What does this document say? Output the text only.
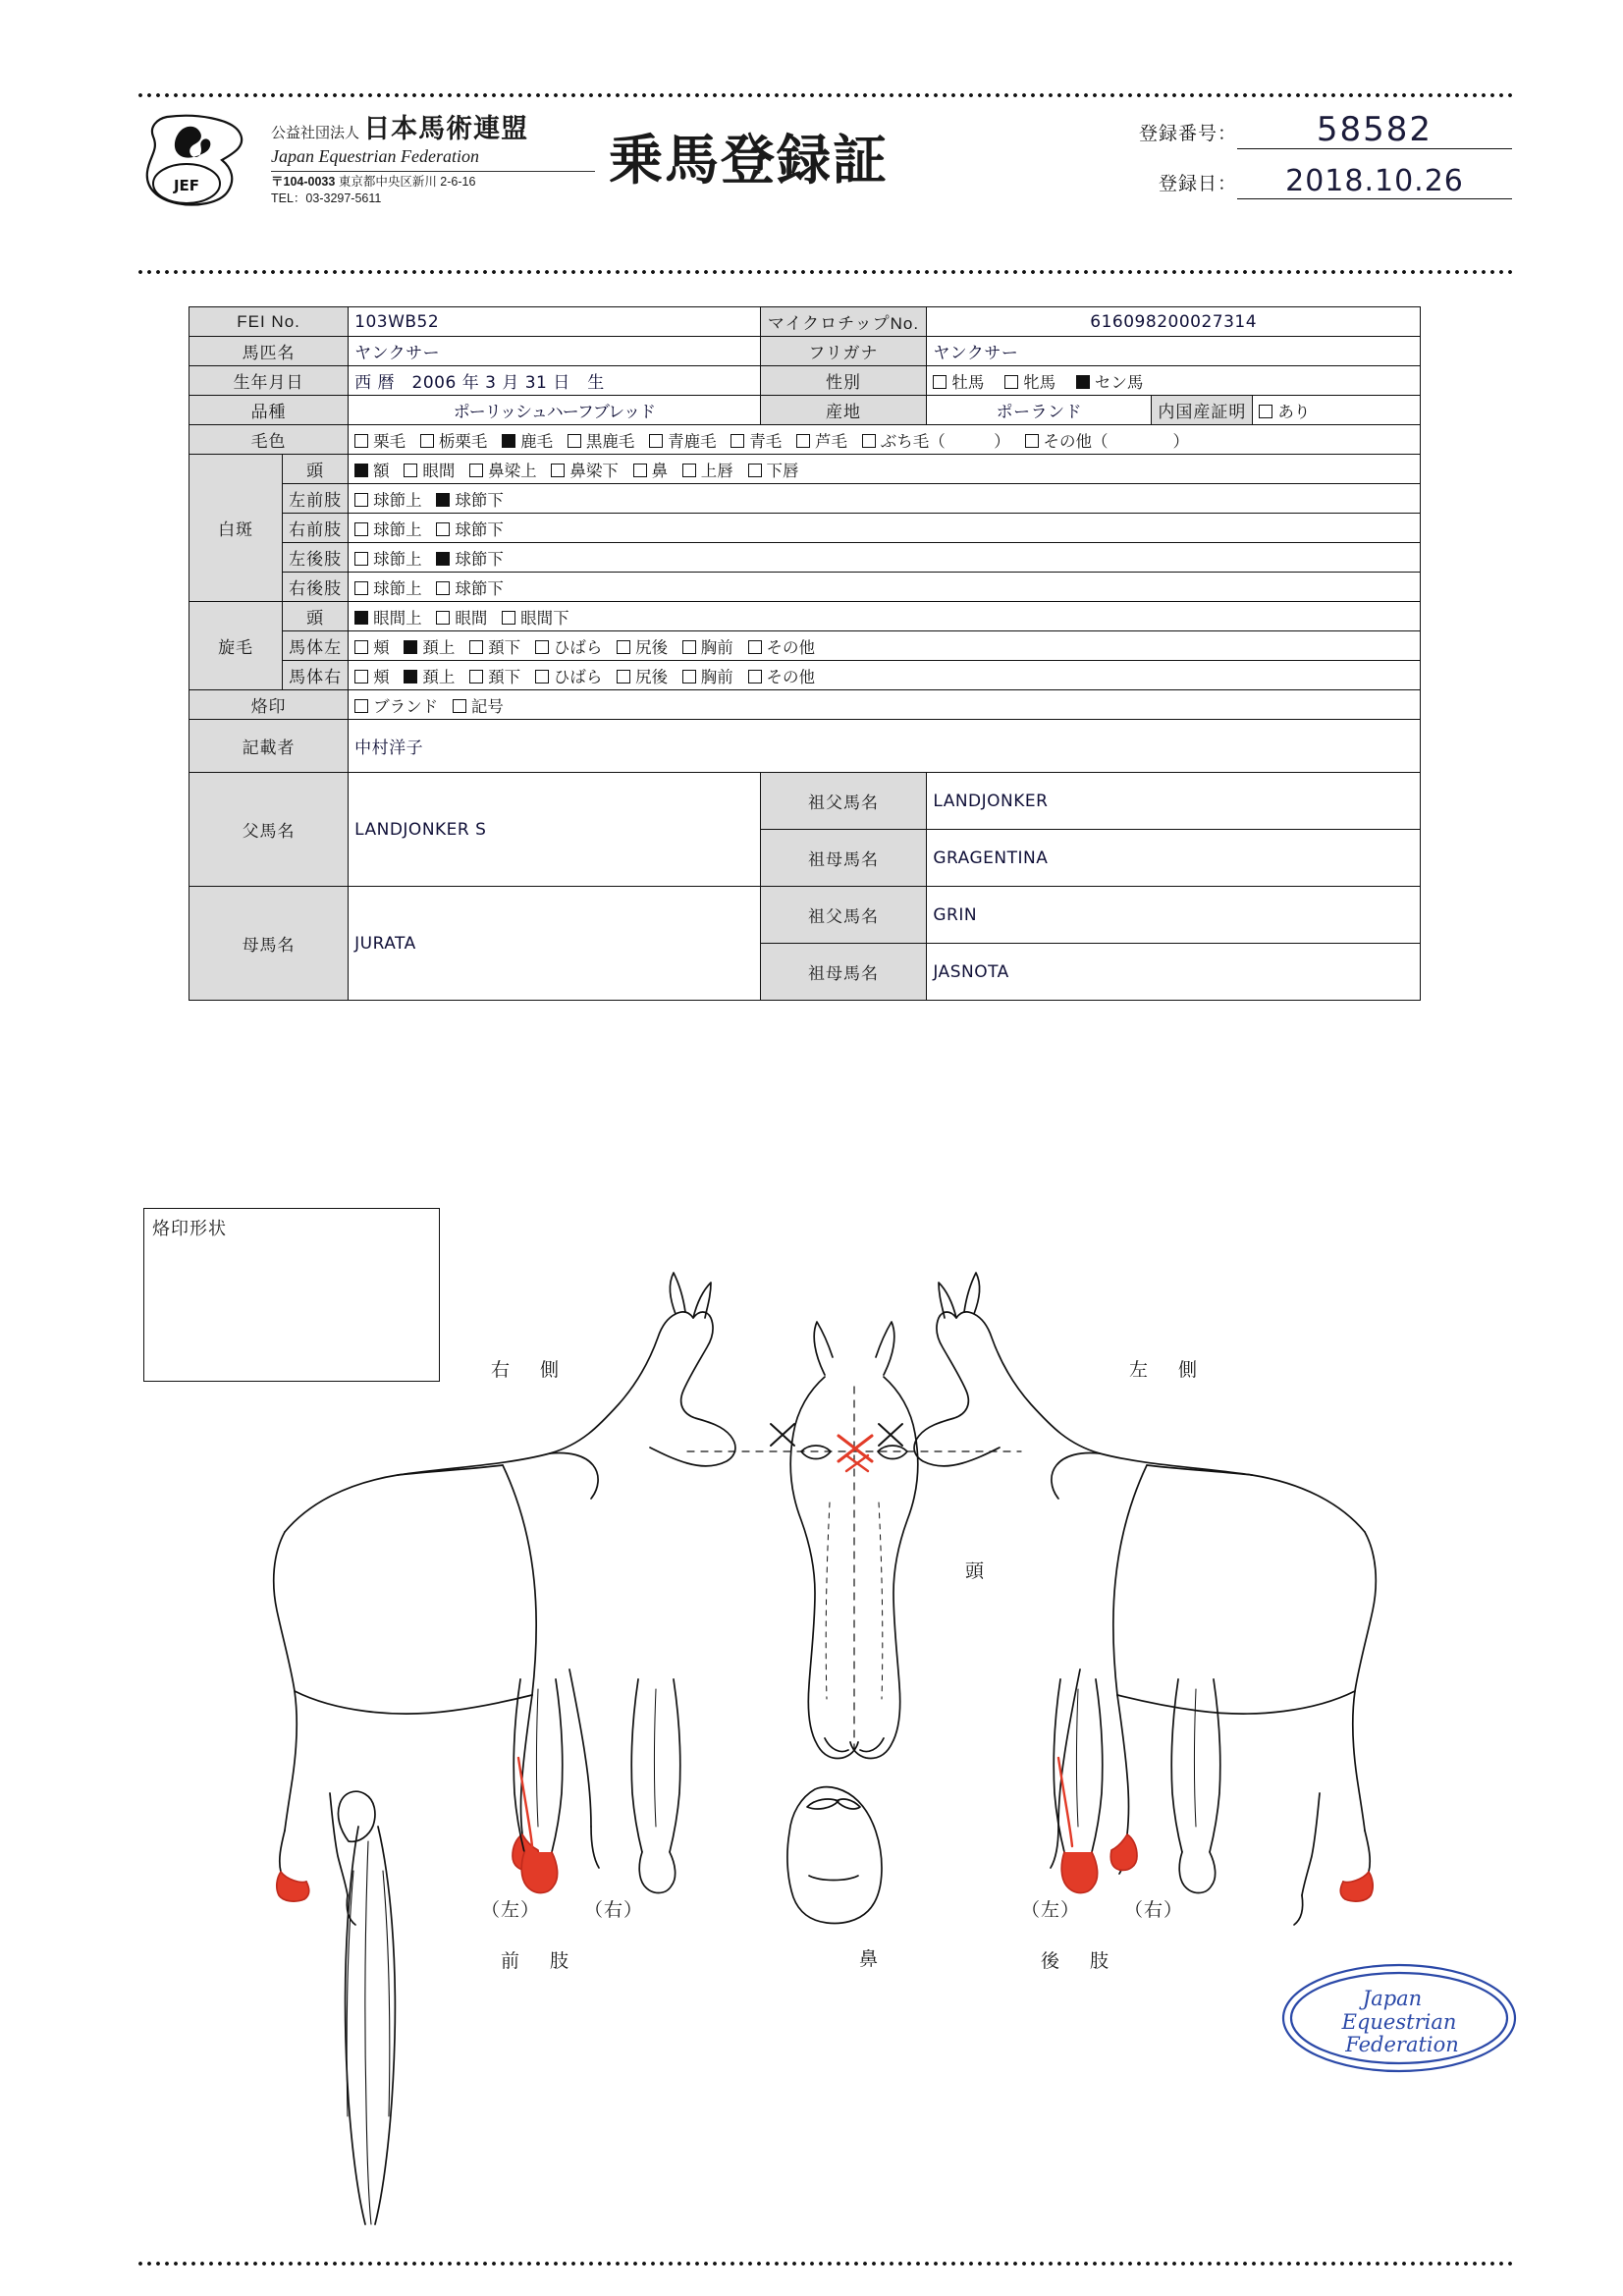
JEF
公益社団法人 日本馬術連盟
Japan Equestrian Federation
〒104-0033 東京都中央区新川 2-6-16
TEL：03-3297-5611
乗馬登録証	登録番号：	58582
登録日：	2018.10.26
FEI No.		103WB52	マイクロチップNo.	616098200027314		
馬匹名		ヤンクサー	フリガナ	ヤンクサー		
生年月日		西 暦　2006 年 3 月 31 日　生	性別	牡馬 牝馬 セン馬		
品種		ポーリッシュハーフブレッド	産地	ポーランド	内国産証明	あり
毛色		栗毛 栃栗毛 鹿毛 黒鹿毛 青鹿毛 青毛 芦毛 ぶち毛（　　　） その他（　　　　）				
白斑	頭	額 眼間 鼻梁上 鼻梁下 鼻 上唇 下唇				
	左前肢	球節上 球節下				
	右前肢	球節上 球節下				
	左後肢	球節上 球節下				
	右後肢	球節上 球節下				
旋毛	頭	眼間上 眼間 眼間下				
	馬体左	頬 頚上 頚下 ひばら 尻後 胸前 その他				
	馬体右	頬 頚上 頚下 ひばら 尻後 胸前 その他				
烙印		ブランド 記号				
記載者		中村洋子				
父馬名		LANDJONKER S	祖父馬名	LANDJONKER		
			祖母馬名	GRAGENTINA		
母馬名		JURATA	祖父馬名	GRIN		
			祖母馬名	JASNOTA		
烙印形状
右　側	左　側
頭
鼻
（左） （右）
前　肢
（左） （右）
後　肢
Japan
Equestrian
Federation
